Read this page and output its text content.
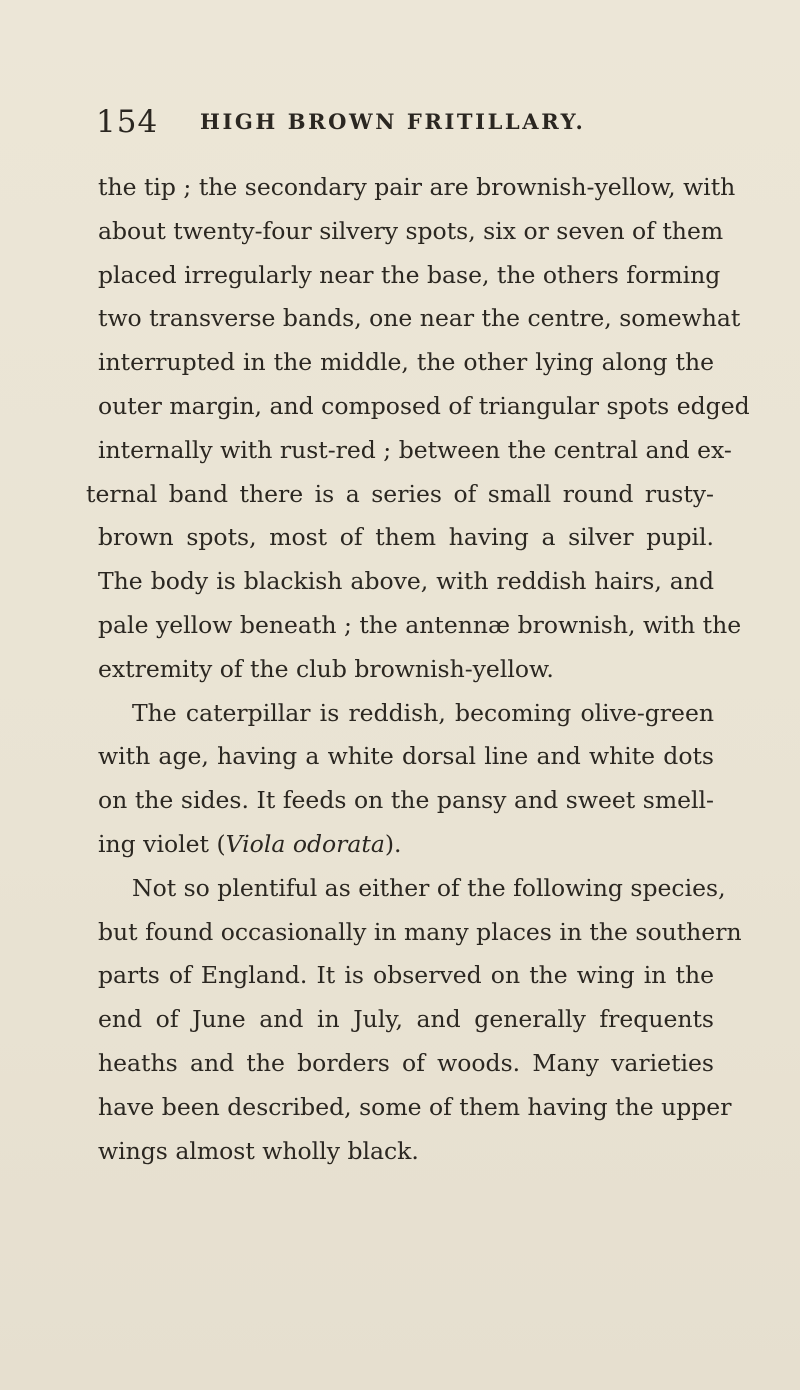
154 HIGH BROWN FRITILLARY.
the tip ; the secondary pair are brownish-yellow, with
about twenty-four silvery spots, six or seven of them
placed irregularly near the base, the others forming
two transverse bands, one near the centre, somewhat
interrupted in the middle, the other lying along the
outer margin, and composed of triangular spots edged
internally with rust-red ; between the central and ex-
ternal band there is a series of small round rusty-
brown spots, most of them having a silver pupil.
The body is blackish above, with reddish hairs, and
pale yellow beneath ; the antennæ brownish, with the
extremity of the club brownish-yellow.
The caterpillar is reddish, becoming olive-green
with age, having a white dorsal line and white dots
on the sides. It feeds on the pansy and sweet smell-
ing violet (Viola odorata).
Not so plentiful as either of the following species,
but found occasionally in many places in the southern
parts of England. It is observed on the wing in the
end of June and in July, and generally frequents
heaths and the borders of woods. Many varieties
have been described, some of them having the upper
wings almost wholly black.
